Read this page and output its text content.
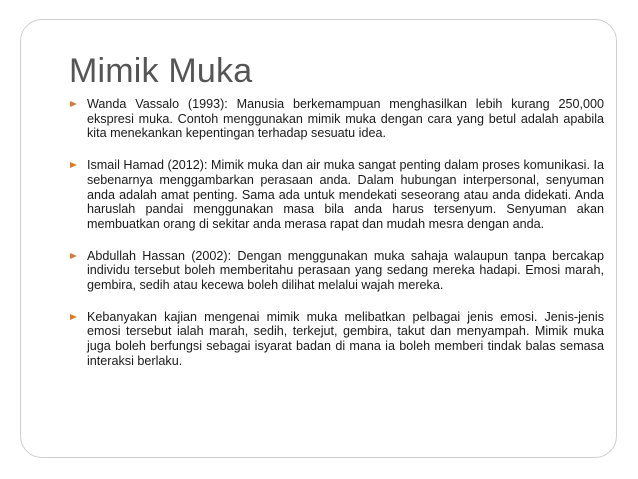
Mimik Muka
Wanda Vassalo (1993): Manusia berkemampuan menghasilkan lebih kurang 250,000 ekspresi muka. Contoh menggunakan mimik muka dengan cara yang betul adalah apabila kita menekankan kepentingan terhadap sesuatu idea.
Ismail Hamad (2012): Mimik muka dan air muka sangat penting dalam proses komunikasi. Ia sebenarnya menggambarkan perasaan anda. Dalam hubungan interpersonal, senyuman anda adalah amat penting. Sama ada untuk mendekati seseorang atau anda didekati. Anda haruslah pandai menggunakan masa bila anda harus tersenyum. Senyuman akan membuatkan orang di sekitar anda merasa rapat dan mudah mesra dengan anda.
Abdullah Hassan (2002): Dengan menggunakan muka sahaja walaupun tanpa bercakap individu tersebut boleh memberitahu perasaan yang sedang mereka hadapi. Emosi marah, gembira, sedih atau kecewa boleh dilihat melalui wajah mereka.
Kebanyakan kajian mengenai mimik muka melibatkan pelbagai jenis emosi. Jenis-jenis emosi tersebut ialah marah, sedih, terkejut, gembira, takut dan menyampah. Mimik muka juga boleh berfungsi sebagai isyarat badan di mana ia boleh memberi tindak balas semasa interaksi berlaku.
